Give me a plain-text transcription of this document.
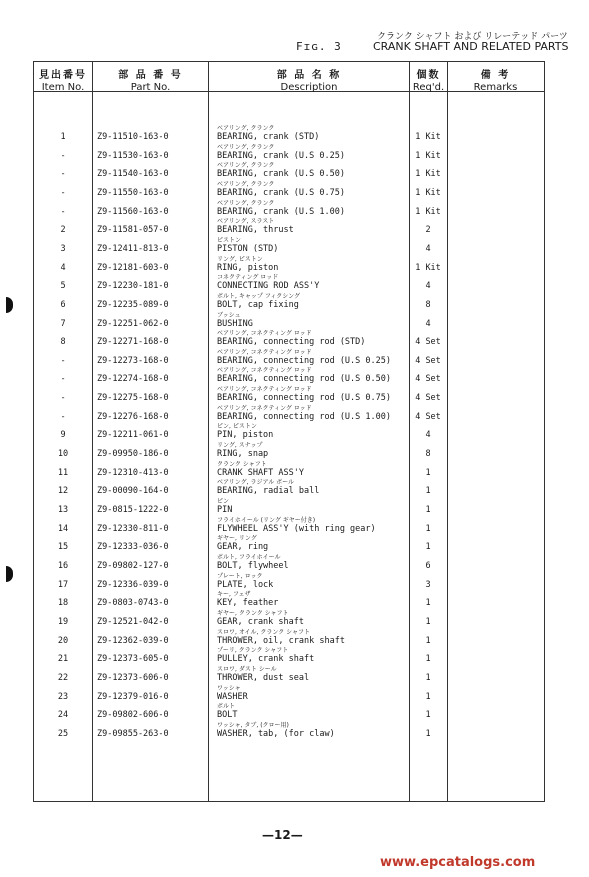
クランク シャフト および リレーテッド パーツ
Fɪɢ. 3	CRANK SHAFT AND RELATED PARTS
見出番号
Item No.
部 品 番 号
Part No.
部 品 名 称
Description
個数
Req'd.
備 考
Remarks
1	Z9-11510-163-0
ベアリング, クランク
BEARING, crank (STD)	1 Kit
-	Z9-11530-163-0
ベアリング, クランク
BEARING, crank (U.S 0.25)	1 Kit
-	Z9-11540-163-0
ベアリング, クランク
BEARING, crank (U.S 0.50)	1 Kit
-	Z9-11550-163-0
ベアリング, クランク
BEARING, crank (U.S 0.75)	1 Kit
-	Z9-11560-163-0
ベアリング, クランク
BEARING, crank (U.S 1.00)	1 Kit
2	Z9-11581-057-0
ベアリング, スラスト
BEARING, thrust	2
3	Z9-12411-813-0
ピストン
PISTON (STD)	4
4	Z9-12181-603-0
リング, ピストン
RING, piston	1 Kit
5	Z9-12230-181-0
コネクティング ロッド
CONNECTING ROD ASS'Y	4
6	Z9-12235-089-0
ボルト, キャップ フィクシング
BOLT, cap fixing	8
7	Z9-12251-062-0
ブッシュ
BUSHING	4
8	Z9-12271-168-0
ベアリング, コネクティング ロッド
BEARING, connecting rod (STD)	4 Set
-	Z9-12273-168-0
ベアリング, コネクティング ロッド
BEARING, connecting rod (U.S 0.25)	4 Set
-	Z9-12274-168-0
ベアリング, コネクティング ロッド
BEARING, connecting rod (U.S 0.50)	4 Set
-	Z9-12275-168-0
ベアリング, コネクティング ロッド
BEARING, connecting rod (U.S 0.75)	4 Set
-	Z9-12276-168-0
ベアリング, コネクティング ロッド
BEARING, connecting rod (U.S 1.00)	4 Set
9	Z9-12211-061-0
ピン, ピストン
PIN, piston	4
10	Z9-09950-186-0
リング, スナップ
RING, snap	8
11	Z9-12310-413-0
クランク シャフト
CRANK SHAFT ASS'Y	1
12	Z9-00090-164-0
ベアリング, ラジアル ボール
BEARING, radial ball	1
13	Z9-0815-1222-0
ピン
PIN	1
14	Z9-12330-811-0
フライホイール (リング ギヤー付き)
FLYWHEEL ASS'Y (with ring gear)	1
15	Z9-12333-036-0
ギヤー, リング
GEAR, ring	1
16	Z9-09802-127-0
ボルト, フライホイール
BOLT, flywheel	6
17	Z9-12336-039-0
プレート, ロック
PLATE, lock	3
18	Z9-0803-0743-0
キー, フェザ
KEY, feather	1
19	Z9-12521-042-0
ギヤー, クランク シャフト
GEAR, crank shaft	1
20	Z9-12362-039-0
スロワ, オイル, クランク シャフト
THROWER, oil, crank shaft	1
21	Z9-12373-605-0
プーリ, クランク シャフト
PULLEY, crank shaft	1
22	Z9-12373-606-0
スロワ, ダスト シール
THROWER, dust seal	1
23	Z9-12379-016-0
ワッシャ
WASHER	1
24	Z9-09802-606-0
ボルト
BOLT	1
25	Z9-09855-263-0
ワッシャ, タブ, (クロー用)
WASHER, tab, (for claw)	1
—12—
www.epcatalogs.com
